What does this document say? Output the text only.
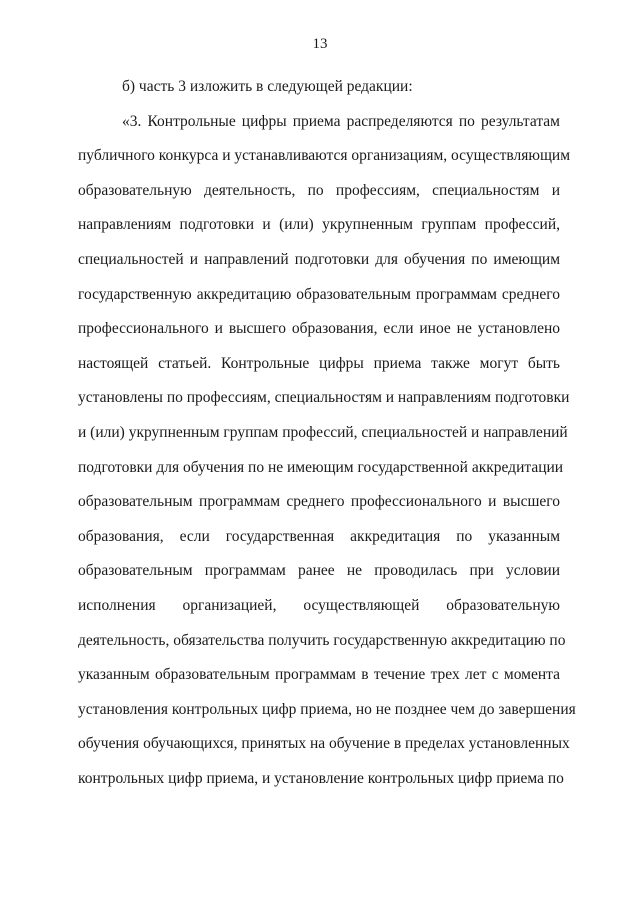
13
б) часть 3 изложить в следующей редакции:
«3. Контрольные цифры приема распределяются по результатам
публичного конкурса и устанавливаются организациям, осуществляющим
образовательную деятельность, по профессиям, специальностям и
направлениям подготовки и (или) укрупненным группам профессий,
специальностей и направлений подготовки для обучения по имеющим
государственную аккредитацию образовательным программам среднего
профессионального и высшего образования, если иное не установлено
настоящей статьей. Контрольные цифры приема также могут быть
установлены по профессиям, специальностям и направлениям подготовки
и (или) укрупненным группам профессий, специальностей и направлений
подготовки для обучения по не имеющим государственной аккредитации
образовательным программам среднего профессионального и высшего
образования, если государственная аккредитация по указанным
образовательным программам ранее не проводилась при условии
исполнения организацией, осуществляющей образовательную
деятельность, обязательства получить государственную аккредитацию по
указанным образовательным программам в течение трех лет с момента
установления контрольных цифр приема, но не позднее чем до завершения
обучения обучающихся, принятых на обучение в пределах установленных
контрольных цифр приема, и установление контрольных цифр приема по
